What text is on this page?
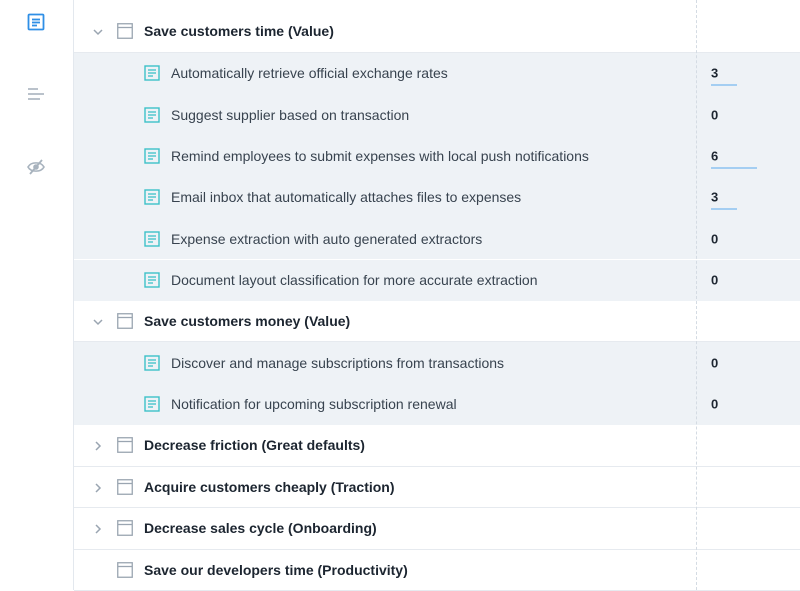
Save customers time (Value)
Automatically retrieve official exchange rates	3
Suggest supplier based on transaction	0
Remind employees to submit expenses with local push notifications	6
Email inbox that automatically attaches files to expenses	3
Expense extraction with auto generated extractors	0
Document layout classification for more accurate extraction	0
Save customers money (Value)
Discover and manage subscriptions from transactions	0
Notification for upcoming subscription renewal	0
Decrease friction (Great defaults)
Acquire customers cheaply (Traction)
Decrease sales cycle (Onboarding)
Save our developers time (Productivity)
